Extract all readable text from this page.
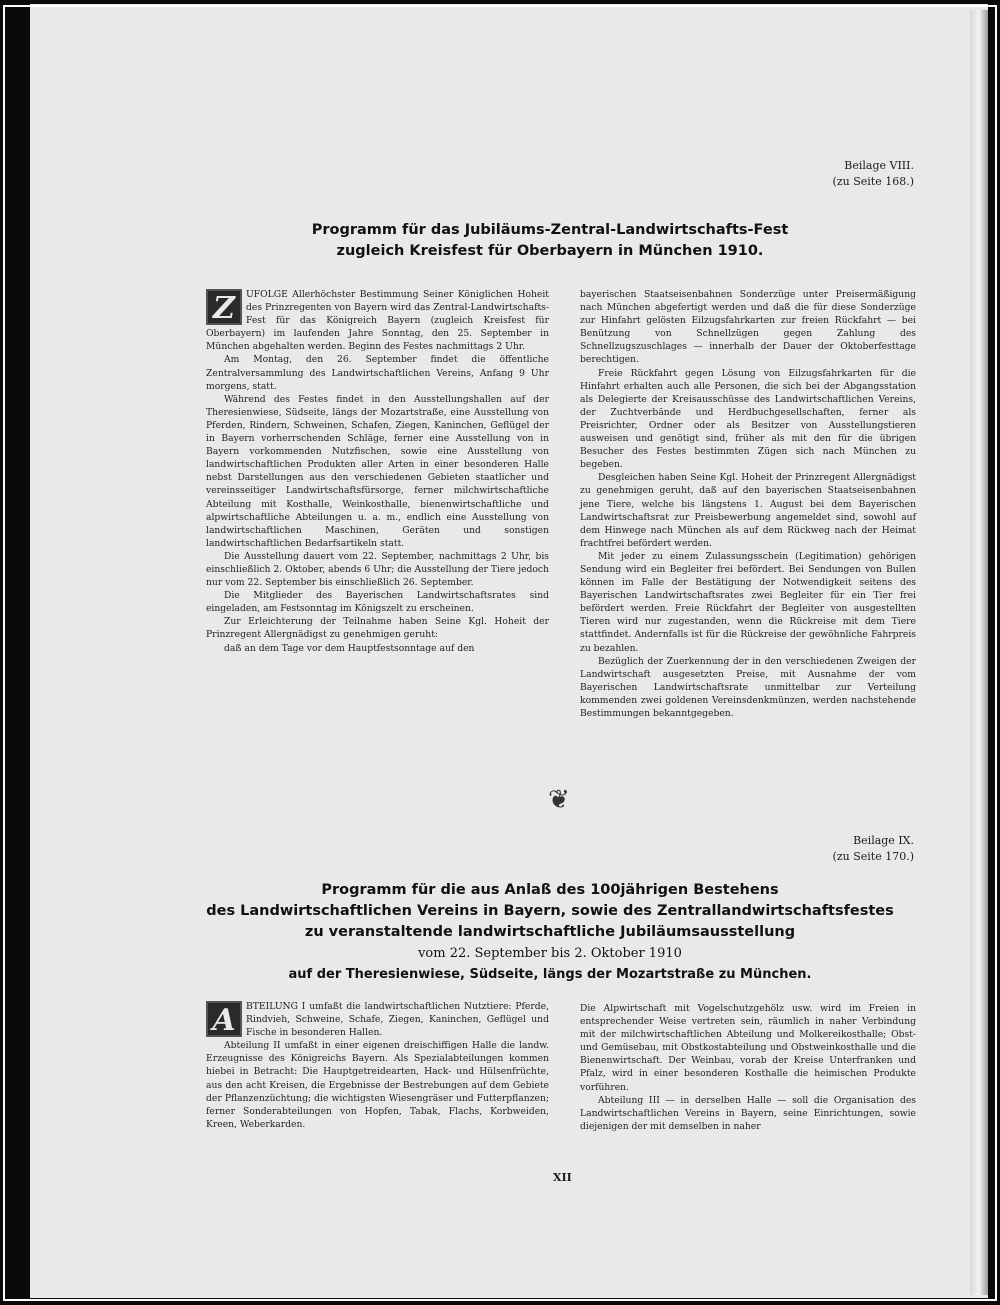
Beilage VIII.
(zu Seite 168.)
Programm für das Jubiläums-Zentral-Landwirtschafts-Fest
zugleich Kreisfest für Oberbayern in München 1910.
Z	UFOLGE Allerhöchster Bestimmung Seiner Königlichen Hoheit des Prinzregenten von Bayern wird das Zentral-Landwirtschafts-Fest für das Königreich Bayern (zugleich Kreisfest für Oberbayern) im laufenden Jahre Sonntag, den 25. September in München abgehalten werden. Beginn des Festes nachmittags 2 Uhr.

Am Montag, den 26. September findet die öffentliche Zentralversammlung des Landwirtschaftlichen Vereins, Anfang 9 Uhr morgens, statt.

Während des Festes findet in den Ausstellungshallen auf der Theresienwiese, Südseite, längs der Mozartstraße, eine Ausstellung von Pferden, Rindern, Schweinen, Schafen, Ziegen, Kaninchen, Geflügel der in Bayern vorherrschenden Schläge, ferner eine Ausstellung von in Bayern vorkommenden Nutzfischen, sowie eine Ausstellung von landwirtschaftlichen Produkten aller Arten in einer besonderen Halle nebst Darstellungen aus den verschiedenen Gebieten staatlicher und vereinsseitiger Landwirtschaftsfürsorge, ferner milchwirtschaftliche Abteilung mit Kosthalle, Weinkosthalle, bienenwirtschaftliche und alpwirtschaftliche Abteilungen u. a. m., endlich eine Ausstellung von landwirtschaftlichen Maschinen, Geräten und sonstigen landwirtschaftlichen Bedarfsartikeln statt.

Die Ausstellung dauert vom 22. September, nachmittags 2 Uhr, bis einschließlich 2. Oktober, abends 6 Uhr; die Ausstellung der Tiere jedoch nur vom 22. September bis einschließlich 26. September.

Die Mitglieder des Bayerischen Landwirtschaftsrates sind eingeladen, am Festsonntag im Königszelt zu erscheinen.

Zur Erleichterung der Teilnahme haben Seine Kgl. Hoheit der Prinzregent Allergnädigst zu genehmigen geruht:

daß an dem Tage vor dem Hauptfestsonntage auf den

bayerischen Staatseisenbahnen Sonderzüge unter Preisermäßigung nach München abgefertigt werden und daß die für diese Sonderzüge zur Hinfahrt gelösten Eilzugsfahrkarten zur freien Rückfahrt — bei Benützung von Schnellzügen gegen Zahlung des Schnellzugszuschlages — innerhalb der Dauer der Oktoberfesttage berechtigen.

Freie Rückfahrt gegen Lösung von Eilzugsfahrkarten für die Hinfahrt erhalten auch alle Personen, die sich bei der Abgangsstation als Delegierte der Kreisausschüsse des Landwirtschaftlichen Vereins, der Zuchtverbände und Herdbuchgesellschaften, ferner als Preisrichter, Ordner oder als Besitzer von Ausstellungstieren ausweisen und genötigt sind, früher als mit den für die übrigen Besucher des Festes bestimmten Zügen sich nach München zu begeben.

Desgleichen haben Seine Kgl. Hoheit der Prinzregent Allergnädigst zu genehmigen geruht, daß auf den bayerischen Staatseisenbahnen jene Tiere, welche bis längstens 1. August bei dem Bayerischen Landwirtschaftsrat zur Preisbewerbung angemeldet sind, sowohl auf dem Hinwege nach München als auf dem Rückweg nach der Heimat frachtfrei befördert werden.

Mit jeder zu einem Zulassungsschein (Legitimation) gehörigen Sendung wird ein Begleiter frei befördert. Bei Sendungen von Bullen können im Falle der Bestätigung der Notwendigkeit seitens des Bayerischen Landwirtschaftsrates zwei Begleiter für ein Tier frei befördert werden. Freie Rückfahrt der Begleiter von ausgestellten Tieren wird nur zugestanden, wenn die Rückreise mit dem Tiere stattfindet. Andernfalls ist für die Rückreise der gewöhnliche Fahrpreis zu bezahlen.

Bezüglich der Zuerkennung der in den verschiedenen Zweigen der Landwirtschaft ausgesetzten Preise, mit Ausnahme der vom Bayerischen Landwirtschaftsrate unmittelbar zur Verteilung kommenden zwei goldenen Vereinsdenkmünzen, werden nachstehende Bestimmungen bekanntgegeben.

❦
Beilage IX.
(zu Seite 170.)
Programm für die aus Anlaß des 100jährigen Bestehens
des Landwirtschaftlichen Vereins in Bayern, sowie des Zentrallandwirtschaftsfestes
zu veranstaltende landwirtschaftliche Jubiläumsausstellung
vom 22. September bis 2. Oktober 1910
auf der Theresienwiese, Südseite, längs der Mozartstraße zu München.
A	BTEILUNG I umfaßt die landwirtschaftlichen Nutztiere: Pferde, Rindvieh, Schweine, Schafe, Ziegen, Kaninchen, Geflügel und Fische in besonderen Hallen.

Abteilung II umfaßt in einer eigenen dreischiffigen Halle die landw. Erzeugnisse des Königreichs Bayern. Als Spezialabteilungen kommen hiebei in Betracht: Die Hauptgetreidearten, Hack- und Hülsenfrüchte, aus den acht Kreisen, die Ergebnisse der Bestrebungen auf dem Gebiete der Pflanzenzüchtung; die wichtigsten Wiesengräser und Futterpflanzen; ferner Sonderabteilungen von Hopfen, Tabak, Flachs, Korbweiden, Kreen, Weberkarden.

Die Alpwirtschaft mit Vogelschutzgehölz usw. wird im Freien in entsprechender Weise vertreten sein, räumlich in naher Verbindung mit der milchwirtschaftlichen Abteilung und Molkereikosthalle; Obst- und Gemüsebau, mit Obstkostabteilung und Obstweinkosthalle und die Bienenwirtschaft. Der Weinbau, vorab der Kreise Unterfranken und Pfalz, wird in einer besonderen Kosthalle die heimischen Produkte vorführen.

Abteilung III — in derselben Halle — soll die Organisation des Landwirtschaftlichen Vereins in Bayern, seine Einrichtungen, sowie diejenigen der mit demselben in naher

XII
